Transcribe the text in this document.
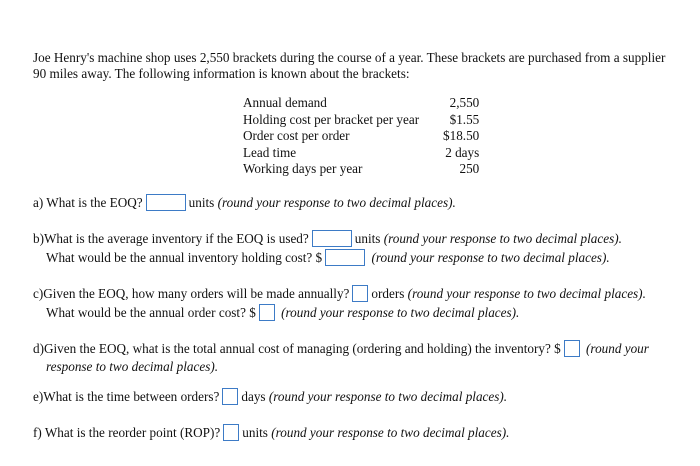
Joe Henry's machine shop uses 2,550 brackets during the course of a year. These brackets are purchased from a supplier 90 miles away. The following information is known about the brackets:
Annual demand	2,550
Holding cost per bracket per year	$1.55
Order cost per order	$18.50
Lead time	2 days
Working days per year	250
a) What is the EOQ?	units (round your response to two decimal places).
b)What is the average inventory if the EOQ is used?	units (round your response to two decimal places).
What would be the annual inventory holding cost? $	(round your response to two decimal places).
c)Given the EOQ, how many orders will be made annually? orders (round your response to two decimal places).
What would be the annual order cost? $ (round your response to two decimal places).
d)Given the EOQ, what is the total annual cost of managing (ordering and holding) the inventory? $ (round your
response to two decimal places).
e)What is the time between orders? days (round your response to two decimal places).
f) What is the reorder point (ROP)? units (round your response to two decimal places).
